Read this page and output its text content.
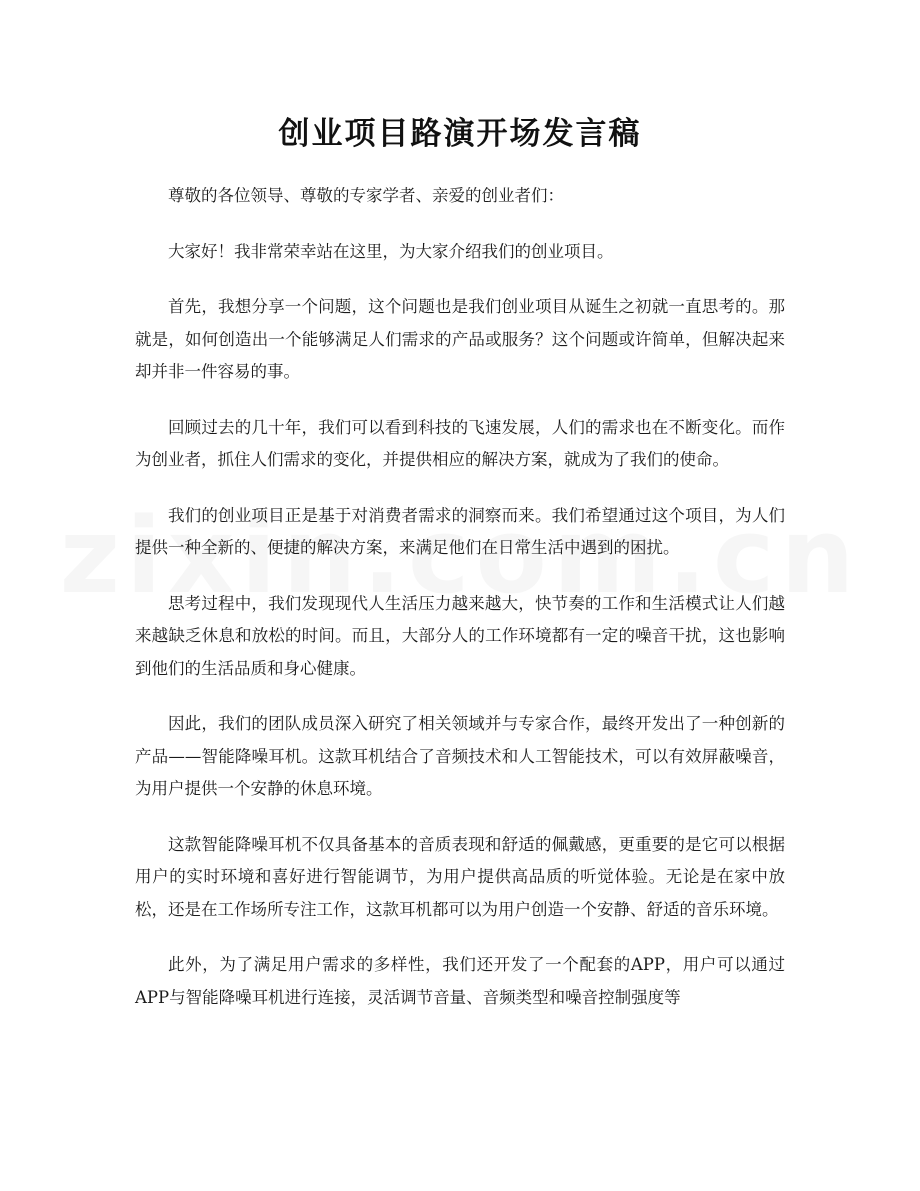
创业项目路演开场发言稿

尊敬的各位领导、尊敬的专家学者、亲爱的创业者们：

大家好！我非常荣幸站在这里，为大家介绍我们的创业项目。

首先，我想分享一个问题，这个问题也是我们创业项目从诞生之初就一直思考的。那就是，如何创造出一个能够满足人们需求的产品或服务？这个问题或许简单，但解决起来却并非一件容易的事。

回顾过去的几十年，我们可以看到科技的飞速发展，人们的需求也在不断变化。而作为创业者，抓住人们需求的变化，并提供相应的解决方案，就成为了我们的使命。

我们的创业项目正是基于对消费者需求的洞察而来。我们希望通过这个项目，为人们提供一种全新的、便捷的解决方案，来满足他们在日常生活中遇到的困扰。

思考过程中，我们发现现代人生活压力越来越大，快节奏的工作和生活模式让人们越来越缺乏休息和放松的时间。而且，大部分人的工作环境都有一定的噪音干扰，这也影响到他们的生活品质和身心健康。

因此，我们的团队成员深入研究了相关领域并与专家合作，最终开发出了一种创新的产品——智能降噪耳机。这款耳机结合了音频技术和人工智能技术，可以有效屏蔽噪音，为用户提供一个安静的休息环境。

这款智能降噪耳机不仅具备基本的音质表现和舒适的佩戴感，更重要的是它可以根据用户的实时环境和喜好进行智能调节，为用户提供高品质的听觉体验。无论是在家中放松，还是在工作场所专注工作，这款耳机都可以为用户创造一个安静、舒适的音乐环境。

此外，为了满足用户需求的多样性，我们还开发了一个配套的APP，用户可以通过APP与智能降噪耳机进行连接，灵活调节音量、音频类型和噪音控制强度等
